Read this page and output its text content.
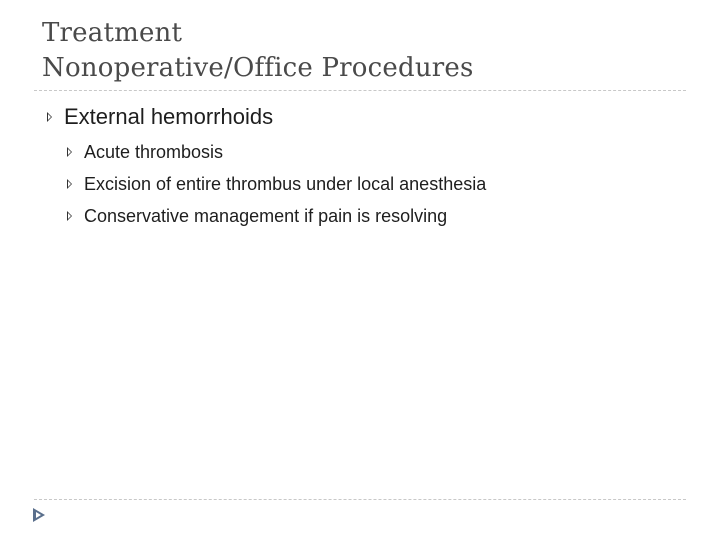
Treatment
Nonoperative/Office Procedures
External hemorrhoids
Acute thrombosis
Excision of entire thrombus under local anesthesia
Conservative management if pain is resolving
